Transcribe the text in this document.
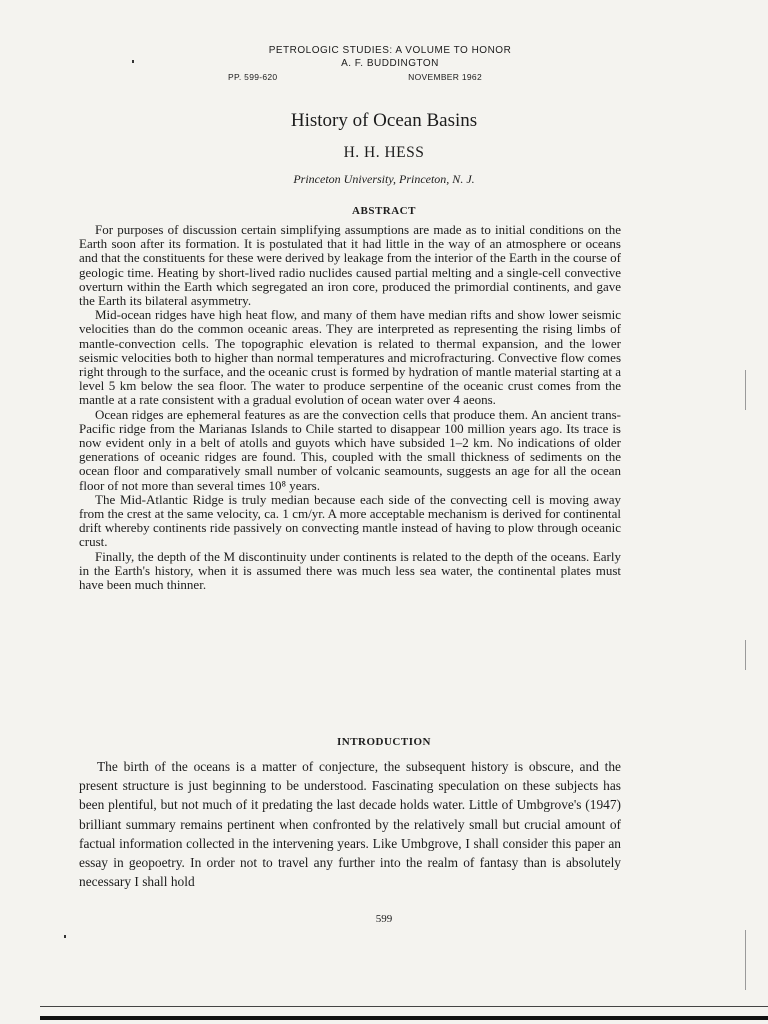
PETROLOGIC STUDIES: A VOLUME TO HONOR
A. F. BUDDINGTON
PP. 599-620	NOVEMBER 1962
History of Ocean Basins
H. H. HESS
Princeton University, Princeton, N. J.
ABSTRACT

For purposes of discussion certain simplifying assumptions are made as to initial conditions on the Earth soon after its formation. It is postulated that it had little in the way of an atmosphere or oceans and that the constituents for these were derived by leakage from the interior of the Earth in the course of geologic time. Heating by short-lived radio nuclides caused partial melting and a single-cell convective overturn within the Earth which segregated an iron core, produced the primordial continents, and gave the Earth its bilateral asymmetry.

Mid-ocean ridges have high heat flow, and many of them have median rifts and show lower seismic velocities than do the common oceanic areas. They are interpreted as representing the rising limbs of mantle-convection cells. The topographic elevation is related to thermal expansion, and the lower seismic velocities both to higher than normal temperatures and microfracturing. Convective flow comes right through to the surface, and the oceanic crust is formed by hydration of mantle material starting at a level 5 km below the sea floor. The water to produce serpentine of the oceanic crust comes from the mantle at a rate consistent with a gradual evolution of ocean water over 4 aeons.

Ocean ridges are ephemeral features as are the convection cells that produce them. An ancient trans-Pacific ridge from the Marianas Islands to Chile started to disappear 100 million years ago. Its trace is now evident only in a belt of atolls and guyots which have subsided 1–2 km. No indications of older generations of oceanic ridges are found. This, coupled with the small thickness of sediments on the ocean floor and comparatively small number of volcanic seamounts, suggests an age for all the ocean floor of not more than several times 10⁸ years.

The Mid-Atlantic Ridge is truly median because each side of the convecting cell is moving away from the crest at the same velocity, ca. 1 cm/yr. A more acceptable mechanism is derived for continental drift whereby continents ride passively on convecting mantle instead of having to plow through oceanic crust.

Finally, the depth of the M discontinuity under continents is related to the depth of the oceans. Early in the Earth's history, when it is assumed there was much less sea water, the continental plates must have been much thinner.

INTRODUCTION

The birth of the oceans is a matter of conjecture, the subsequent history is obscure, and the present structure is just beginning to be understood. Fascinating speculation on these subjects has been plentiful, but not much of it predating the last decade holds water. Little of Umbgrove's (1947) brilliant summary remains pertinent when confronted by the relatively small but crucial amount of factual information collected in the intervening years. Like Umbgrove, I shall consider this paper an essay in geopoetry. In order not to travel any further into the realm of fantasy than is absolutely necessary I shall hold

599
